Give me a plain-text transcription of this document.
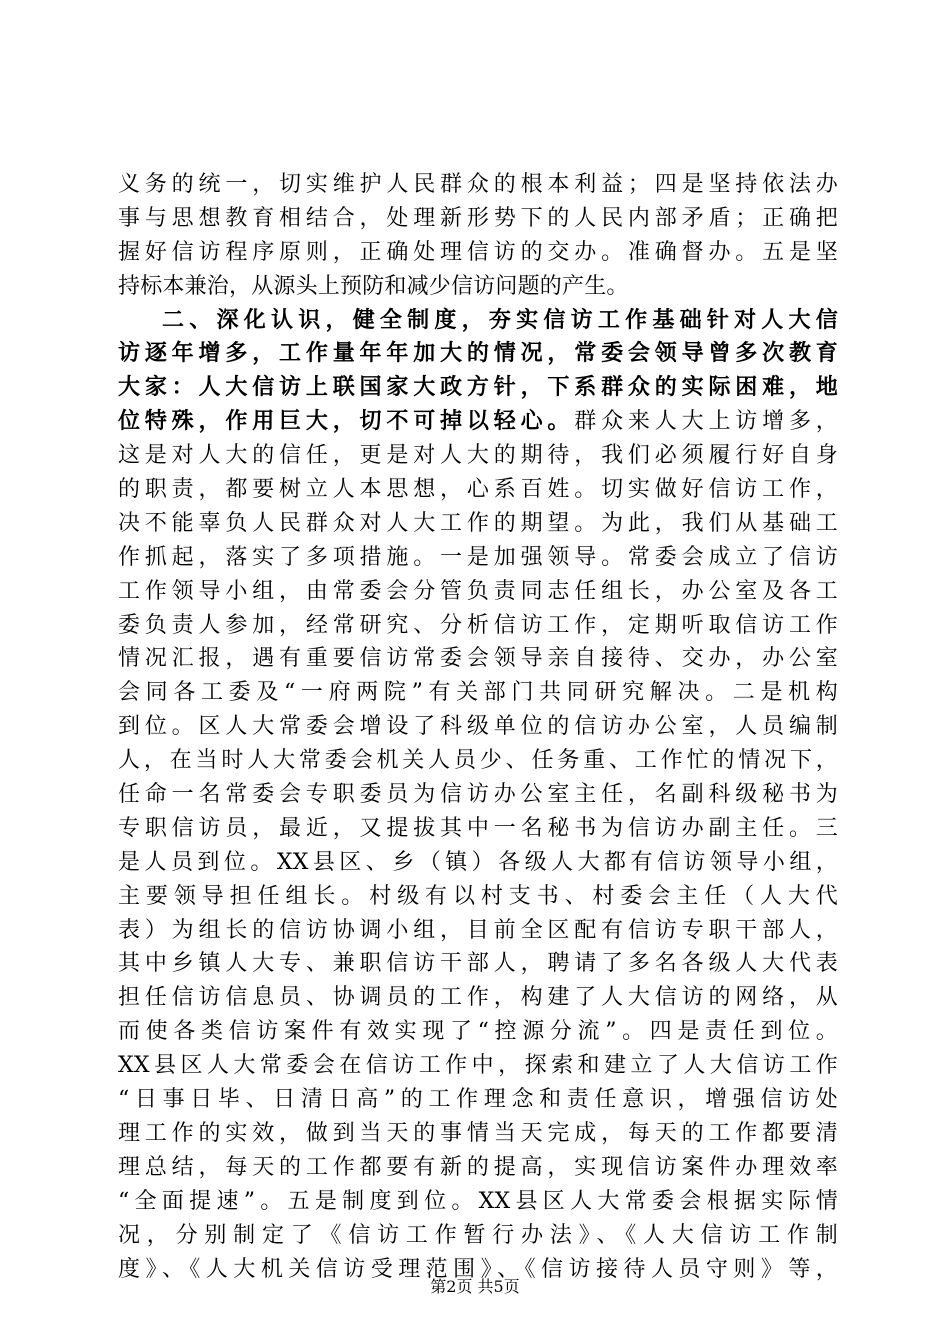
义务的统一，切实维护人民群众的根本利益；四是坚持依法办
事与思想教育相结合，处理新形势下的人民内部矛盾；正确把
握好信访程序原则，正确处理信访的交办。准确督办。五是坚
持标本兼治，从源头上预防和减少信访问题的产生。
二、深化认识，健全制度，夯实信访工作基础针对人大信
访逐年增多，工作量年年加大的情况，常委会领导曾多次教育
大家：人大信访上联国家大政方针，下系群众的实际困难，地
位特殊，作用巨大，切不可掉以轻心。群众来人大上访增多，
这是对人大的信任，更是对人大的期待，我们必须履行好自身
的职责，都要树立人本思想，心系百姓。切实做好信访工作，
决不能辜负人民群众对人大工作的期望。为此，我们从基础工
作抓起，落实了多项措施。一是加强领导。常委会成立了信访
工作领导小组，由常委会分管负责同志任组长，办公室及各工
委负责人参加，经常研究、分析信访工作，定期听取信访工作
情况汇报，遇有重要信访常委会领导亲自接待、交办，办公室
会同各工委及“一府两院”有关部门共同研究解决。二是机构
到位。区人大常委会增设了科级单位的信访办公室，人员编制
人，在当时人大常委会机关人员少、任务重、工作忙的情况下，
任命一名常委会专职委员为信访办公室主任，名副科级秘书为
专职信访员，最近，又提拔其中一名秘书为信访办副主任。三
是人员到位。XX县区、乡（镇）各级人大都有信访领导小组，
主要领导担任组长。村级有以村支书、村委会主任（人大代
表）为组长的信访协调小组，目前全区配有信访专职干部人，
其中乡镇人大专、兼职信访干部人，聘请了多名各级人大代表
担任信访信息员、协调员的工作，构建了人大信访的网络，从
而使各类信访案件有效实现了“控源分流”。四是责任到位。
XX县区人大常委会在信访工作中，探索和建立了人大信访工作
“日事日毕、日清日高”的工作理念和责任意识，增强信访处
理工作的实效，做到当天的事情当天完成，每天的工作都要清
理总结，每天的工作都要有新的提高，实现信访案件办理效率
“全面提速”。五是制度到位。XX县区人大常委会根据实际情
况，分别制定了《信访工作暂行办法》、《人大信访工作制
度》、《人大机关信访受理范围》、《信访接待人员守则》等，
第2页 共5页
